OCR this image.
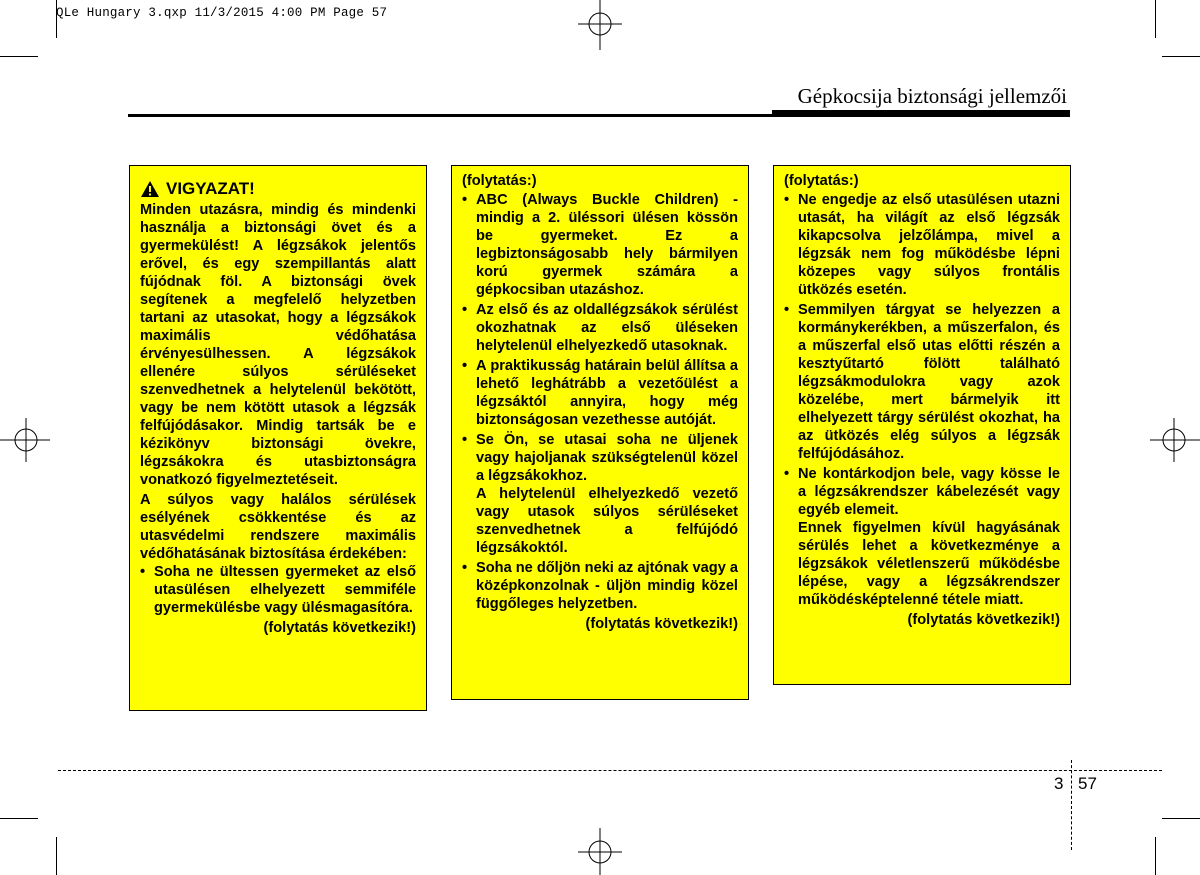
QLe Hungary 3.qxp 11/3/2015 4:00 PM Page 57
Gépkocsija biztonsági jellemzői
VIGYAZAT!

Minden utazásra, mindig és mindenki használja a biztonsági övet és a gyermekülést! A légzsákok jelentős erővel, és egy szempillantás alatt fújódnak föl. A biztonsági övek segítenek a megfelelő helyzetben tartani az utasokat, hogy a légzsákok maximális védőhatása érvényesülhessen. A légzsákok ellenére súlyos sérüléseket szenvedhetnek a helytelenül bekötött, vagy be nem kötött utasok a légzsák felfújódásakor. Mindig tartsák be e kézikönyv biztonsági övekre, légzsákokra és utasbiztonságra vonatkozó figyelmeztetéseit.

A súlyos vagy halálos sérülések esélyének csökkentése és az utasvédelmi rendszere maximális védőhatásának biztosítása érdekében:

• Soha ne ültessen gyermeket az első utasülésen elhelyezett semmiféle gyermekülésbe vagy ülésmagasítóra.

(folytatás következik!)

(folytatás:)

• ABC (Always Buckle Children) - mindig a 2. üléssori ülésen kössön be gyermeket. Ez a legbiztonságosabb hely bármilyen korú gyermek számára a gépkocsiban utazáshoz.
• Az első és az oldallégzsákok sérülést okozhatnak az első üléseken helytelenül elhelyezkedő utasoknak.
• A praktikusság határain belül állítsa a lehető leghátrább a vezetőülést a légzsáktól annyira, hogy még biztonságosan vezethesse autóját.
• Se Ön, se utasai soha ne üljenek vagy hajoljanak szükségtelenül közel a légzsákokhoz.

A helytelenül elhelyezkedő vezető vagy utasok súlyos sérüléseket szenvedhetnek a felfújódó légzsákoktól.

• Soha ne dőljön neki az ajtónak vagy a középkonzolnak - üljön mindig közel függőleges helyzetben.

(folytatás következik!)

(folytatás:)

• Ne engedje az első utasülésen utazni utasát, ha világít az első légzsák kikapcsolva jelzőlámpa, mivel a légzsák nem fog működésbe lépni közepes vagy súlyos frontális ütközés esetén.
• Semmilyen tárgyat se helyezzen a kormánykerékben, a műszerfalon, és a műszerfal első utas előtti részén a kesztyűtartó fölött található légzsákmodulokra vagy azok közelébe, mert bármelyik itt elhelyezett tárgy sérülést okozhat, ha az ütközés elég súlyos a légzsák felfújódásához.
• Ne kontárkodjon bele, vagy kösse le a légzsákrendszer kábelezését vagy egyéb elemeit.

Ennek figyelmen kívül hagyásának sérülés lehet a következménye a légzsákok véletlenszerű működésbe lépése, vagy a légzsákrendszer működésképtelenné tétele miatt.

(folytatás következik!)

3 57
